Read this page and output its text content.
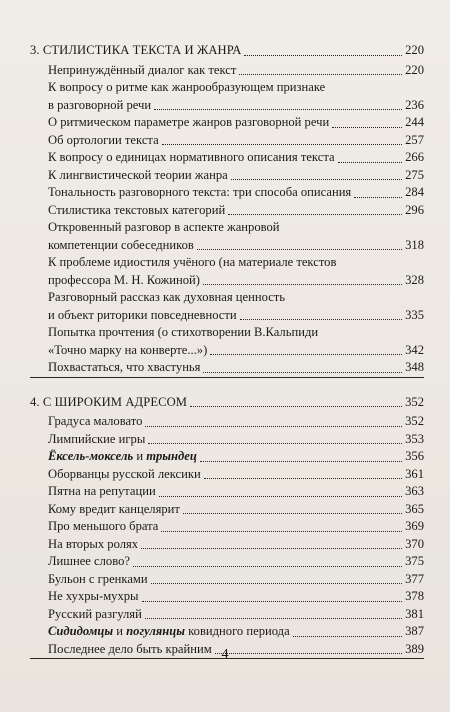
3. СТИЛИСТИКА ТЕКСТА И ЖАНРА	220
Непринуждённый диалог как текст	220
К вопросу о ритме как жанрообразующем признаке
в разговорной речи	236
О ритмическом параметре жанров разговорной речи	244
Об ортологии текста	257
К вопросу о единицах нормативного описания текста	266
К лингвистической теории жанра	275
Тональность разговорного текста: три способа описания	284
Стилистика текстовых категорий	296
Откровенный разговор в аспекте жанровой
компетенции собеседников	318
К проблеме идиостиля учёного (на материале текстов
профессора М. Н. Кожиной)	328
Разговорный рассказ как духовная ценность
и объект риторики повседневности	335
Попытка прочтения (о стихотворении В.Кальпиди
«Точно марку на конверте...»)	342
Похвастаться, что хвастунья	348
4. С ШИРОКИМ АДРЕСОМ	352
Градуса маловато	352
Лимпийские игры	353
Ёксель-моксель и трындец	356
Оборванцы русской лексики	361
Пятна на репутации	363
Кому вредит канцелярит	365
Про меньшого брата	369
На вторых ролях	370
Лишнее слово?	375
Бульон с гренками	377
Не хухры-мухры	378
Русский разгуляй	381
Сидидомцы и погулянцы ковидного периода	387
Последнее дело быть крайним	389
4
